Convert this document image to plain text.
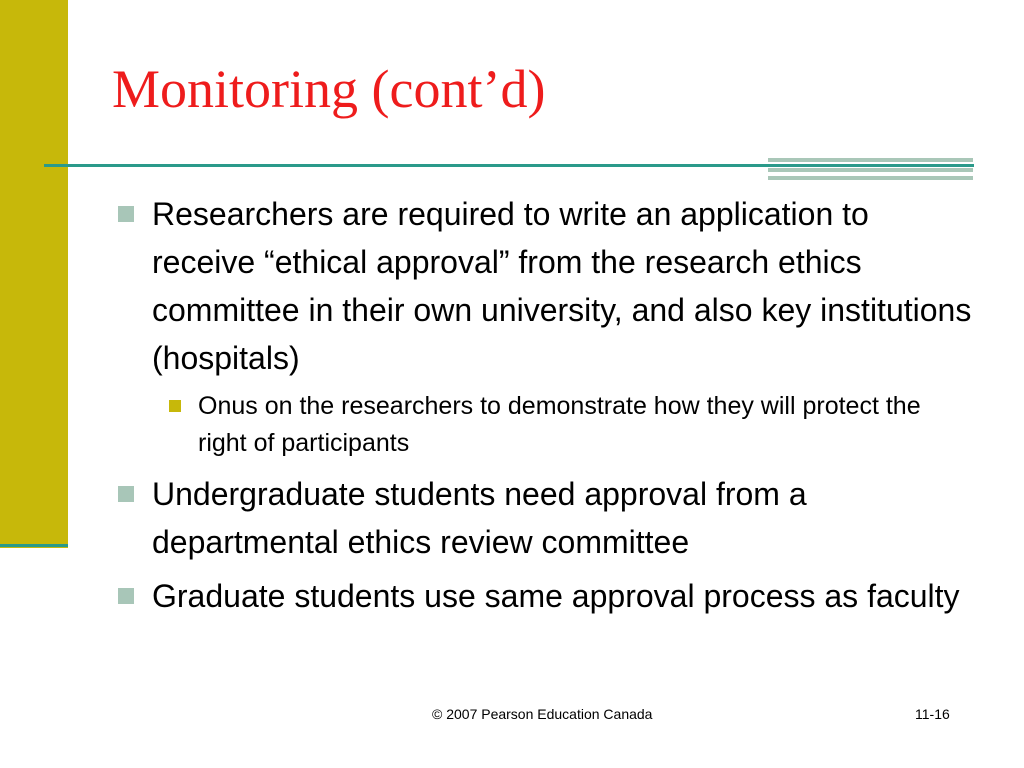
Monitoring (cont’d)
Researchers are required to write an application to receive “ethical approval” from the research ethics committee in their own university, and also key institutions (hospitals)
Onus on the researchers to demonstrate how they will protect the right of participants
Undergraduate students need approval from a departmental ethics review committee
Graduate students use same approval process as faculty
© 2007 Pearson Education Canada	11-16
